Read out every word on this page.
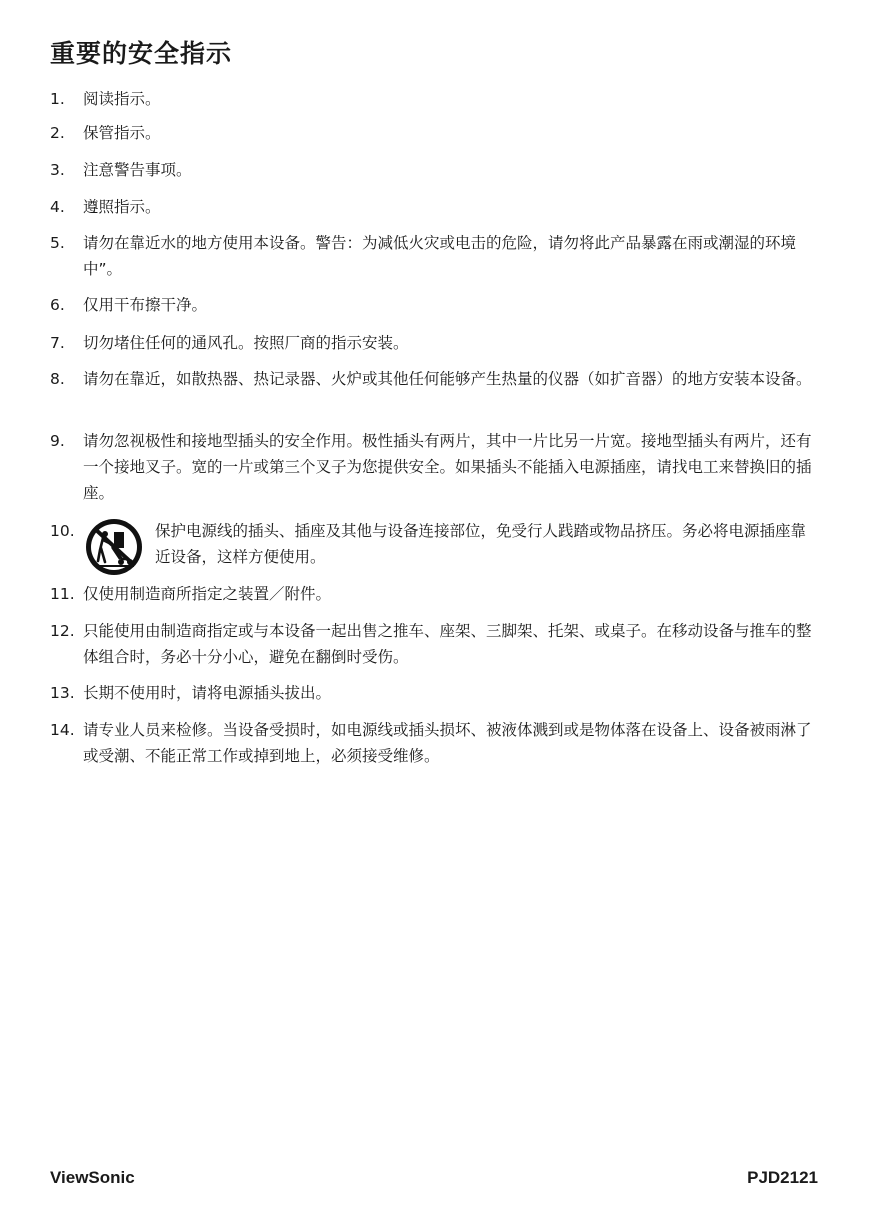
重要的安全指示
1.	阅读指示。
2.	保管指示。
3.	注意警告事项。
4.	遵照指示。
5.	请勿在靠近水的地方使用本设备。警告：为减低火灾或电击的危险，请勿将此产品暴露在雨或潮湿的环境中”。
6.	仅用干布擦干净。
7.	切勿堵住任何的通风孔。按照厂商的指示安装。
8.	请勿在靠近，如散热器、热记录器、火炉或其他任何能够产生热量的仪器（如扩音器）的地方安装本设备。
9.	请勿忽视极性和接地型插头的安全作用。极性插头有两片，其中一片比另一片宽。接地型插头有两片，还有一个接地叉子。宽的一片或第三个叉子为您提供安全。如果插头不能插入电源插座，请找电工来替换旧的插座。
10.	保护电源线的插头、插座及其他与设备连接部位，免受行人践踏或物品挤压。务必将电源插座靠近设备，这样方便使用。
11. 仅使用制造商所指定之装置／附件。
12. 只能使用由制造商指定或与本设备一起出售之推车、座架、三脚架、托架、或桌子。在移动设备与推车的整体组合时，务必十分小心，避免在翻倒时受伤。
13. 长期不使用时，请将电源插头拔出。
14. 请专业人员来检修。当设备受损时，如电源线或插头损坏、被液体溅到或是物体落在设备上、设备被雨淋了或受潮、不能正常工作或掉到地上，必须接受维修。
ViewSonic	PJD2121
